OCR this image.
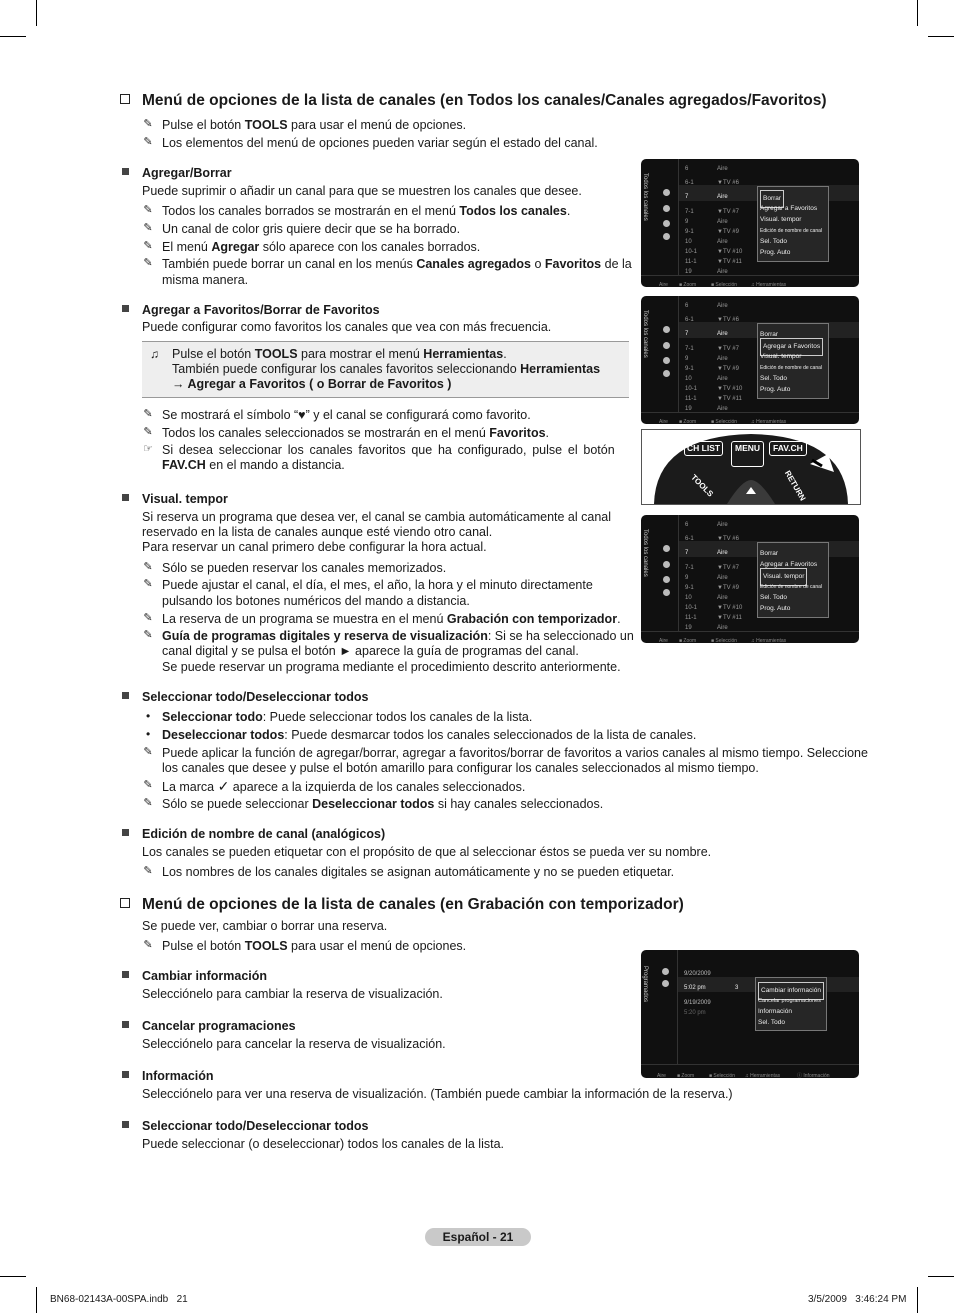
Menú de opciones de la lista de canales (en Todos los canales/Canales agregados/Favoritos)
✎ Pulse el botón TOOLS para usar el menú de opciones.
✎ Los elementos del menú de opciones pueden variar según el estado del canal.
Agregar/Borrar
Puede suprimir o añadir un canal para que se muestren los canales que desee.
✎ Todos los canales borrados se mostrarán en el menú Todos los canales.
✎ Un canal de color gris quiere decir que se ha borrado.
✎ El menú Agregar sólo aparece con los canales borrados.
✎ También puede borrar un canal en los menús Canales agregados o Favoritos de la
misma manera.
Agregar a Favoritos/Borrar de Favoritos
Puede configurar como favoritos los canales que vea con más frecuencia.
♫ Pulse el botón TOOLS para mostrar el menú Herramientas.
También puede configurar los canales favoritos seleccionando Herramientas
→ Agregar a Favoritos ( o Borrar de Favoritos )
✎ Se mostrará el símbolo “♥” y el canal se configurará como favorito.
✎ Todos los canales seleccionados se mostrarán en el menú Favoritos.
☞ Si desea seleccionar los canales favoritos que ha configurado, pulse el botón
FAV.CH en el mando a distancia.
Visual. tempor
Si reserva un programa que desea ver, el canal se cambia automáticamente al canal
reservado en la lista de canales aunque esté viendo otro canal.
Para reservar un canal primero debe configurar la hora actual.
✎ Sólo se pueden reservar los canales memorizados.
✎ Puede ajustar el canal, el día, el mes, el año, la hora y el minuto directamente
pulsando los botones numéricos del mando a distancia.
✎ La reserva de un programa se muestra en el menú Grabación con temporizador.
✎ Guía de programas digitales y reserva de visualización: Si se ha seleccionado un
canal digital y se pulsa el botón ► aparece la guía de programas del canal.
Se puede reservar un programa mediante el procedimiento descrito anteriormente.
Seleccionar todo/Deseleccionar todos
• Seleccionar todo: Puede seleccionar todos los canales de la lista.
• Deseleccionar todos: Puede desmarcar todos los canales seleccionados de la lista de canales.
✎ Puede aplicar la función de agregar/borrar, agregar a favoritos/borrar de favoritos a varios canales al mismo tiempo. Seleccione
los canales que desee y pulse el botón amarillo para configurar los canales seleccionados al mismo tiempo.
✎ La marca ✓ aparece a la izquierda de los canales seleccionados.
✎ Sólo se puede seleccionar Deseleccionar todos si hay canales seleccionados.
Edición de nombre de canal (analógicos)
Los canales se pueden etiquetar con el propósito de que al seleccionar éstos se pueda ver su nombre.
✎ Los nombres de los canales digitales se asignan automáticamente y no se pueden etiquetar.
Menú de opciones de la lista de canales (en Grabación con temporizador)
Se puede ver, cambiar o borrar una reserva.
✎ Pulse el botón TOOLS para usar el menú de opciones.
Cambiar información
Selecciónelo para cambiar la reserva de visualización.
Cancelar programaciones
Selecciónelo para cancelar la reserva de visualización.
Información
Selecciónelo para ver una reserva de visualización. (También puede cambiar la información de la reserva.)
Seleccionar todo/Deseleccionar todos
Puede seleccionar (o deseleccionar) todos los canales de la lista.
Todos los canales
6	Aire
6-1	▼TV #6
7	Aire
7-1	▼TV #7
9	Aire
9-1	▼TV #9
10	Aire
10-1	▼TV #10
11-1	▼TV #11
19	Aire
Borrar
Agregar a Favoritos
Visual. tempor
Edición de nombre de canal
Sel. Todo
Prog. Auto
Aire ■ Zoom	■ Selección	♫ Herramientas
Todos los canales
6	Aire
6-1	▼TV #6
7	Aire
7-1	▼TV #7
9	Aire
9-1	▼TV #9
10	Aire
10-1	▼TV #10
11-1	▼TV #11
19	Aire
Borrar
Agregar a Favoritos
Visual. tempor
Edición de nombre de canal
Sel. Todo
Prog. Auto
Aire ■ Zoom	■ Selección	♫ Herramientas
Todos los canales
6	Aire
6-1	▼TV #6
7	Aire
7-1	▼TV #7
9	Aire
9-1	▼TV #9
10	Aire
10-1	▼TV #10
11-1	▼TV #11
19	Aire
Borrar
Agregar a Favoritos
Visual. tempor
Edición de nombre de canal
Sel. Todo
Prog. Auto
Aire ■ Zoom	■ Selección	♫ Herramientas
CH LIST	MENU	FAV.CH
TOOLS	RETURN
Programados	9/20/2009
5:02 pm	3
9/19/2009
5:20 pm
Cambiar información
Cancelar programaciones
Información
Sel. Todo
Aire ■ Zoom	■ Selección ♫ Herramientas	ⓘ Información
Español - 21
BN68-02143A-00SPA.indb   21	3/5/2009   3:46:24 PM
